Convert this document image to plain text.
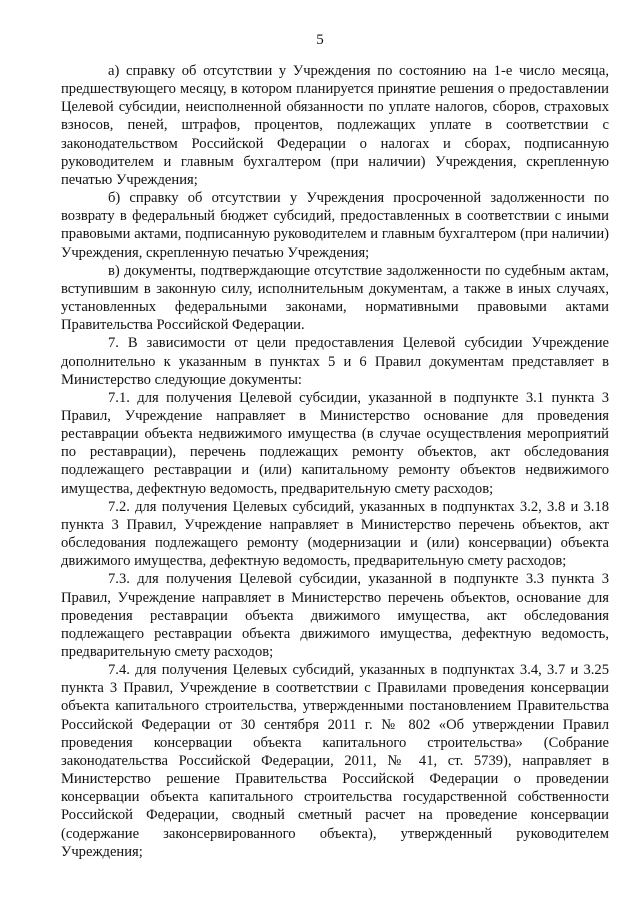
5

а) справку об отсутствии у Учреждения по состоянию на 1-е число месяца, предшествующего месяцу, в котором планируется принятие решения о предоставлении Целевой субсидии, неисполненной обязанности по уплате налогов, сборов, страховых взносов, пеней, штрафов, процентов, подлежащих уплате в соответствии с законодательством Российской Федерации о налогах и сборах, подписанную руководителем и главным бухгалтером (при наличии) Учреждения, скрепленную печатью Учреждения;

б) справку об отсутствии у Учреждения просроченной задолженности по возврату в федеральный бюджет субсидий, предоставленных в соответствии с иными правовыми актами, подписанную руководителем и главным бухгалтером (при наличии) Учреждения, скрепленную печатью Учреждения;

в) документы, подтверждающие отсутствие задолженности по судебным актам, вступившим в законную силу, исполнительным документам, а также в иных случаях, установленных федеральными законами, нормативными правовыми актами Правительства Российской Федерации.

7. В зависимости от цели предоставления Целевой субсидии Учреждение дополнительно к указанным в пунктах 5 и 6 Правил документам представляет в Министерство следующие документы:

7.1. для получения Целевой субсидии, указанной в подпункте 3.1 пункта 3 Правил, Учреждение направляет в Министерство основание для проведения реставрации объекта недвижимого имущества (в случае осуществления мероприятий по реставрации), перечень подлежащих ремонту объектов, акт обследования подлежащего реставрации и (или) капитальному ремонту объектов недвижимого имущества, дефектную ведомость, предварительную смету расходов;

7.2. для получения Целевых субсидий, указанных в подпунктах 3.2, 3.8 и 3.18 пункта 3 Правил, Учреждение направляет в Министерство перечень объектов, акт обследования подлежащего ремонту (модернизации и (или) консервации) объекта движимого имущества, дефектную ведомость, предварительную смету расходов;

7.3. для получения Целевой субсидии, указанной в подпункте 3.3 пункта 3 Правил, Учреждение направляет в Министерство перечень объектов, основание для проведения реставрации объекта движимого имущества, акт обследования подлежащего реставрации объекта движимого имущества, дефектную ведомость, предварительную смету расходов;

7.4. для получения Целевых субсидий, указанных в подпунктах 3.4, 3.7 и 3.25 пункта 3 Правил, Учреждение в соответствии с Правилами проведения консервации объекта капитального строительства, утвержденными постановлением Правительства Российской Федерации от 30 сентября 2011 г. № 802 «Об утверждении Правил проведения консервации объекта капитального строительства» (Собрание законодательства Российской Федерации, 2011, № 41, ст. 5739), направляет в Министерство решение Правительства Российской Федерации о проведении консервации объекта капитального строительства государственной собственности Российской Федерации, сводный сметный расчет на проведение консервации (содержание законсервированного объекта), утвержденный руководителем Учреждения;
